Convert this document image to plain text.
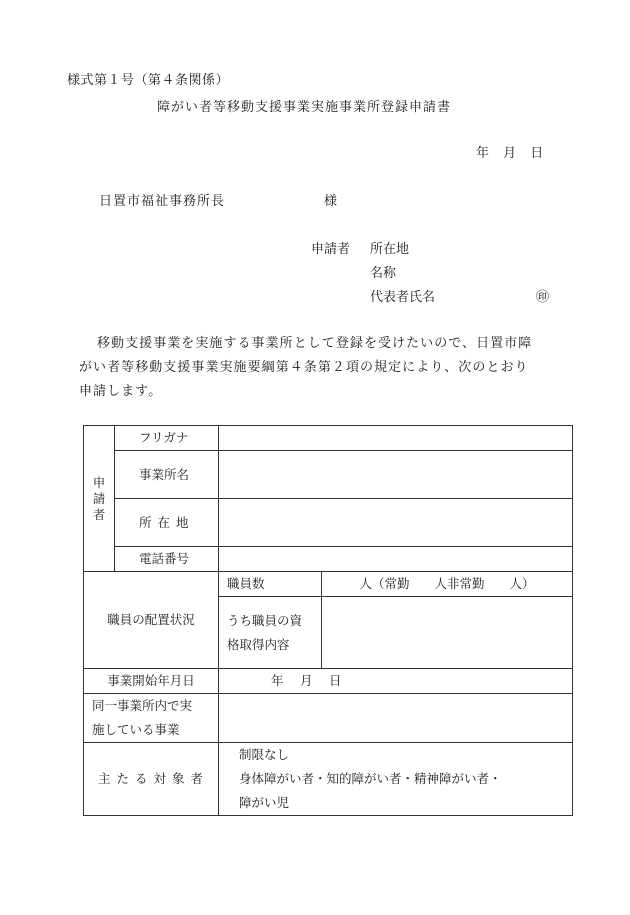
様式第１号（第４条関係）
障がい者等移動支援事業実施事業所登録申請書
年 月 日
日置市福祉事務所長	様
申請者 所在地
名称
代表者氏名	㊞

移動支援事業を実施する事業所として登録を受けたいので、日置市障

がい者等移動支援事業実施要綱第４条第２項の規定により、次のとおり

申請します。

申
請
者	フリガナ		
	事業所名		
	所 在 地		
	電話番号		
職員の配置状況		職員数	人（常勤　　人非常勤　　人）

		うち職員の資
格取得内容	

事業開始年月日		年　 月　 日	

同一事業所内で実
施している事業			

主 た る 対 象 者		制限なし
身体障がい者・知的障がい者・精神障がい者・
障がい児	
